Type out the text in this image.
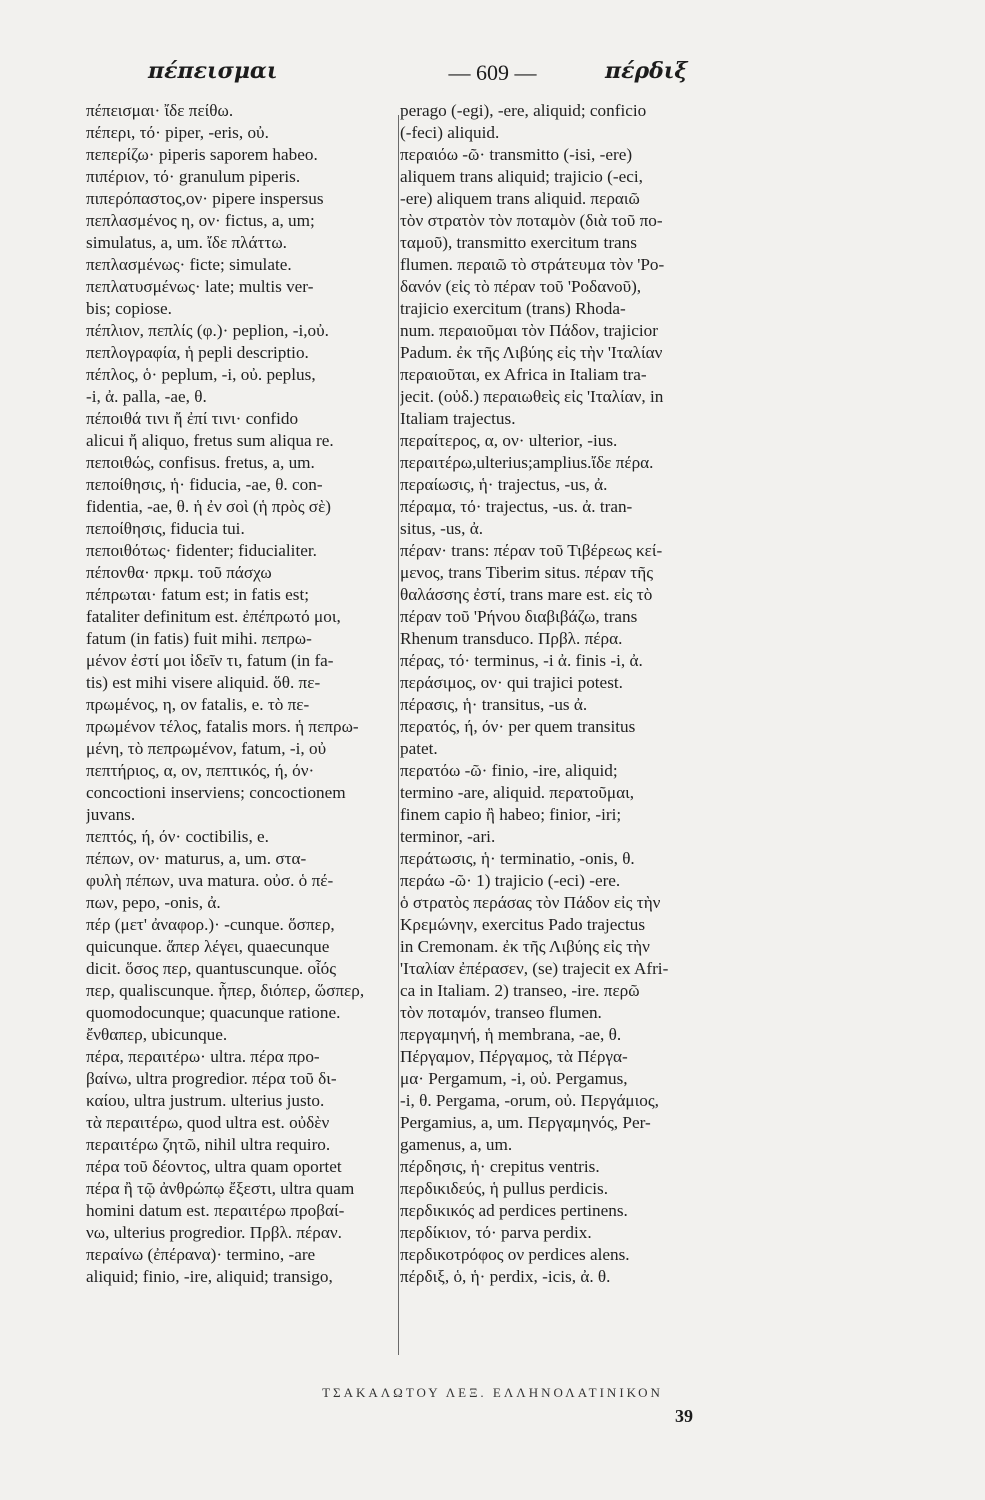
πέπεισμαι	— 609 —	πέρδιξ
πέπεισμαι· ἴδε πείθω.
πέπερι, τό· piper, -eris, οὐ.
πεπερίζω· piperis saporem habeo.
πιπέριον, τό· granulum piperis.
πιπερόπαστος,ον· pipere inspersus
πεπλασμένος η, ον· fictus, a, um;
simulatus, a, um. ἴδε πλάττω.
πεπλασμένως· ficte; simulate.
πεπλατυσμένως· late; multis ver-
bis; copiose.
πέπλιον, πεπλίς (φ.)· peplion, -i,οὐ.
πεπλογραφία, ἡ pepli descriptio.
πέπλος, ὁ· peplum, -i, οὐ. peplus,
-i, ἀ. palla, -ae, θ.
πέποιθά τινι ἤ ἐπί τινι· confido
alicui ἤ aliquo, fretus sum aliqua re.
πεποιθώς, confisus. fretus, a, um.
πεποίθησις, ἡ· fiducia, -ae, θ. con-
fidentia, -ae, θ. ἡ ἐν σοὶ (ἡ πρὸς σὲ)
πεποίθησις, fiducia tui.
πεποιθότως· fidenter; fiducialiter.
πέπονθα· πρκμ. τοῦ πάσχω
πέπρωται· fatum est; in fatis est;
fataliter definitum est. ἐπέπρωτό μοι,
fatum (in fatis) fuit mihi. πεπρω-
μένον ἐστί μοι ἰδεῖν τι, fatum (in fa-
tis) est mihi visere aliquid. ὅθ. πε-
πρωμένος, η, ον fatalis, e. τὸ πε-
πρωμένον τέλος, fatalis mors. ἡ πεπρω-
μένη, τὸ πεπρωμένον, fatum, -i, οὐ
πεπτήριος, α, ον, πεπτικός, ή, όν·
concoctioni inserviens; concoctionem
juvans.
πεπτός, ή, όν· coctibilis, e.
πέπων, ον· maturus, a, um. στα-
φυλὴ πέπων, uva matura. οὐσ. ὁ πέ-
πων, pepo, -onis, ἀ.
πέρ (μετ' ἀναφορ.)· -cunque. ὅσπερ,
quicunque. ἅπερ λέγει, quaecunque
dicit. ὅσος περ, quantuscunque. οἷός
περ, qualiscunque. ἧπερ, διόπερ, ὥσπερ,
quomodocunque; quacunque ratione.
ἔνθαπερ, ubicunque.
πέρα, περαιτέρω· ultra. πέρα προ-
βαίνω, ultra progredior. πέρα τοῦ δι-
καίου, ultra justrum. ulterius justo.
τὰ περαιτέρω, quod ultra est. οὐδὲν
περαιτέρω ζητῶ, nihil ultra requiro.
πέρα τοῦ δέοντος, ultra quam oportet
πέρα ἢ τῷ ἀνθρώπῳ ἔξεστι, ultra quam
homini datum est. περαιτέρω προβαί-
νω, ulterius progredior. Πρβλ. πέραν.
περαίνω (ἐπέρανα)· termino, -are
aliquid; finio, -ire, aliquid; transigo,
perago (-egi), -ere, aliquid; conficio
(-feci) aliquid.
περαιόω -ῶ· transmitto (-isi, -ere)
aliquem trans aliquid; trajicio (-eci,
-ere) aliquem trans aliquid. περαιῶ
τὸν στρατὸν τὸν ποταμὸν (διὰ τοῦ πο-
ταμοῦ), transmitto exercitum trans
flumen. περαιῶ τὸ στράτευμα τὸν 'Ρο-
δανόν (εἰς τὸ πέραν τοῦ 'Ροδανοῦ),
trajicio exercitum (trans) Rhoda-
num. περαιοῦμαι τὸν Πάδον, trajicior
Padum. ἐκ τῆς Λιβύης εἰς τὴν 'Ιταλίαν
περαιοῦται, ex Africa in Italiam tra-
jecit. (οὐδ.) περαιωθεὶς εἰς 'Ιταλίαν, in
Italiam trajectus.
περαίτερος, α, ον· ulterior, -ius.
περαιτέρω,ulterius;amplius.ἴδε πέρα.
περαίωσις, ἡ· trajectus, -us, ἀ.
πέραμα, τό· trajectus, -us. ἀ. tran-
situs, -us, ἀ.
πέραν· trans: πέραν τοῦ Τιβέρεως κεί-
μενος, trans Tiberim situs. πέραν τῆς
θαλάσσης ἐστί, trans mare est. εἰς τὸ
πέραν τοῦ 'Ρήνου διαβιβάζω, trans
Rhenum transduco. Πρβλ. πέρα.
πέρας, τό· terminus, -i ἀ. finis -i, ἀ.
περάσιμος, ον· qui trajici potest.
πέρασις, ἡ· transitus, -us ἀ.
περατός, ή, όν· per quem transitus
patet.
περατόω -ῶ· finio, -ire, aliquid;
termino -are, aliquid. περατοῦμαι,
finem capio ἢ habeo; finior, -iri;
terminor, -ari.
περάτωσις, ἡ· terminatio, -onis, θ.
περάω -ῶ· 1) trajicio (-eci) -ere.
ὁ στρατὸς περάσας τὸν Πάδον εἰς τὴν
Κρεμώνην, exercitus Pado trajectus
in Cremonam. ἐκ τῆς Λιβύης εἰς τὴν
'Ιταλίαν ἐπέρασεν, (se) trajecit ex Afri-
ca in Italiam. 2) transeo, -ire. περῶ
τὸν ποταμόν, transeo flumen.
περγαμηνή, ἡ membrana, -ae, θ.
Πέργαμον, Πέργαμος, τὰ Πέργα-
μα· Pergamum, -i, οὐ. Pergamus,
-i, θ. Pergama, -orum, οὐ. Περγάμιος,
Pergamius, a, um. Περγαμηνός, Per-
gamenus, a, um.
πέρδησις, ἡ· crepitus ventris.
περδικιδεύς, ἡ pullus perdicis.
περδικικός ad perdices pertinens.
περδίκιον, τό· parva perdix.
περδικοτρόφος ον perdices alens.
πέρδιξ, ὁ, ἡ· perdix, -icis, ἀ. θ.
ΤΣΑΚΑΛΩΤΟΥ ΛΕΞ. ΕΛΛΗΝΟΛΑΤΙΝΙΚΟΝ
39
